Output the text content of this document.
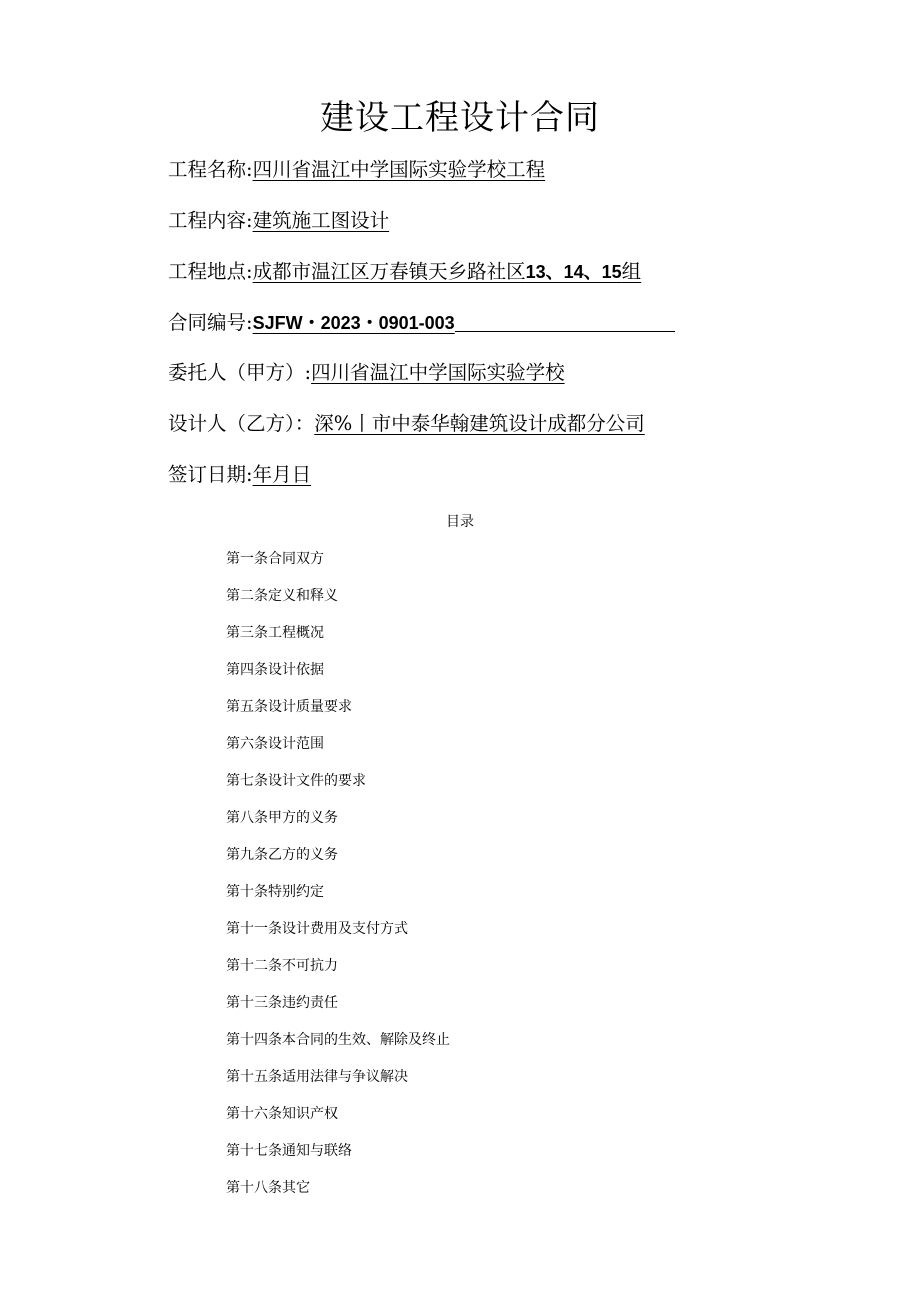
建设工程设计合同
工程名称:四川省温江中学国际实验学校工程
工程内容:建筑施工图设计
工程地点:成都市温江区万春镇天乡路社区13、14、15组
合同编号:SJFW・2023・0901-003
委托人（甲方）:四川省温江中学国际实验学校
设计人（乙方）：深%丨市中泰华翰建筑设计成都分公司
签订日期:年月日
目录
第一条合同双方
第二条定义和释义
第三条工程概况
第四条设计依据
第五条设计质量要求
第六条设计范围
第七条设计文件的要求
第八条甲方的义务
第九条乙方的义务
第十条特别约定
第十一条设计费用及支付方式
第十二条不可抗力
第十三条违约责任
第十四条本合同的生效、解除及终止
第十五条适用法律与争议解决
第十六条知识产权
第十七条通知与联络
第十八条其它
